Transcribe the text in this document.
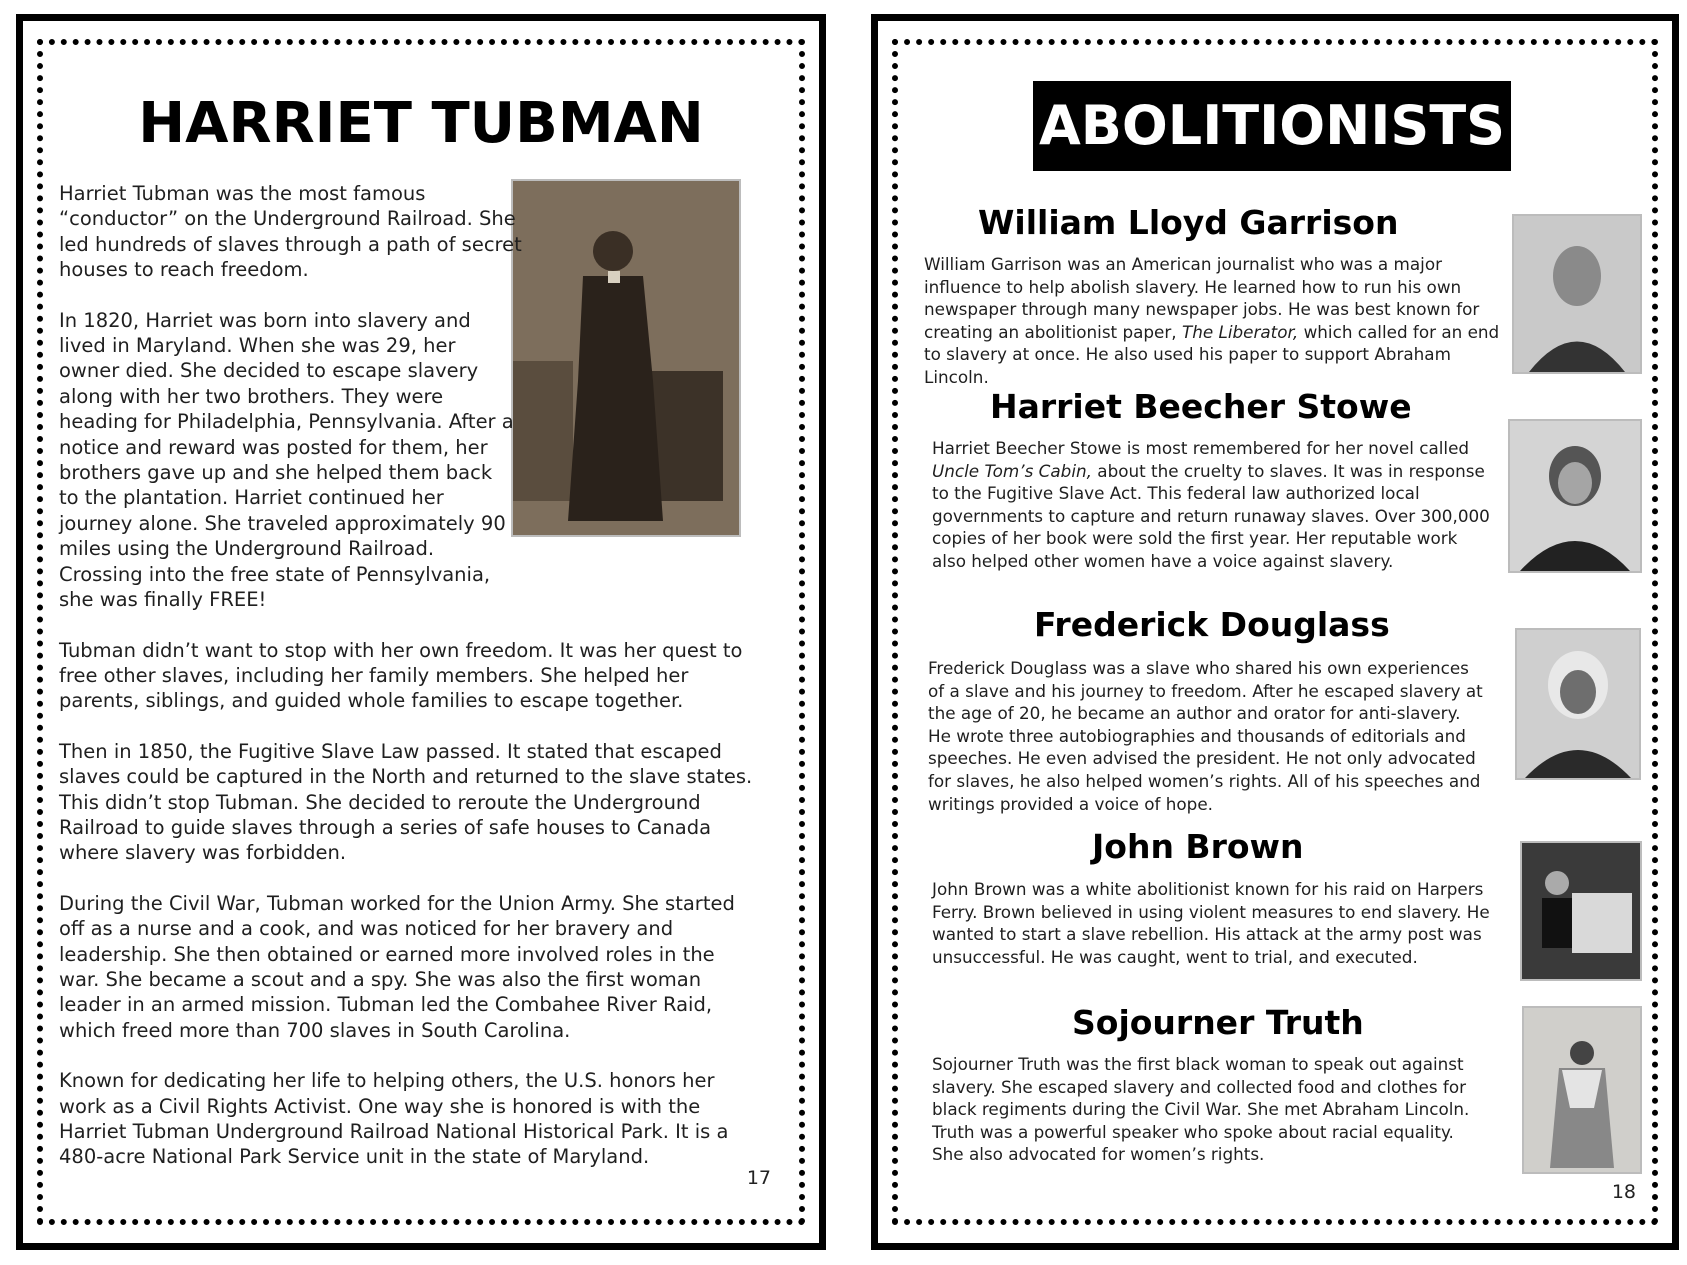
HARRIET TUBMAN

Harriet Tubman was the most famous “conductor” on the Underground Railroad. She led hundreds of slaves through a path of secret houses to reach freedom.

In 1820, Harriet was born into slavery and lived in Maryland. When she was 29, her owner died. She decided to escape slavery along with her two brothers. They were heading for Philadelphia, Pennsylvania. After a notice and reward was posted for them, her brothers gave up and she helped them back to the plantation. Harriet continued her journey alone. She traveled approximately 90 miles using the Underground Railroad. Crossing into the free state of Pennsylvania, she was finally FREE!

Tubman didn’t want to stop with her own freedom. It was her quest to free other slaves, including her family members. She helped her parents, siblings, and guided whole families to escape together.

Then in 1850, the Fugitive Slave Law passed. It stated that escaped slaves could be captured in the North and returned to the slave states. This didn’t stop Tubman. She decided to reroute the Underground Railroad to guide slaves through a series of safe houses to Canada where slavery was forbidden.

During the Civil War, Tubman worked for the Union Army. She started off as a nurse and a cook, and was noticed for her bravery and leadership. She then obtained or earned more involved roles in the war. She became a scout and a spy. She was also the first woman leader in an armed mission. Tubman led the Combahee River Raid, which freed more than 700 slaves in South Carolina.

Known for dedicating her life to helping others, the U.S. honors her work as a Civil Rights Activist. One way she is honored is with the Harriet Tubman Underground Railroad National Historical Park. It is a 480-acre National Park Service unit in the state of Maryland.

17
ABOLITIONISTS
William Lloyd Garrison
William Garrison was an American journalist who was a major influence to help abolish slavery. He learned how to run his own newspaper through many newspaper jobs. He was best known for creating an abolitionist paper, The Liberator, which called for an end to slavery at once. He also used his paper to support Abraham Lincoln.
Harriet Beecher Stowe
Harriet Beecher Stowe is most remembered for her novel called Uncle Tom’s Cabin, about the cruelty to slaves. It was in response to the Fugitive Slave Act. This federal law authorized local governments to capture and return runaway slaves. Over 300,000 copies of her book were sold the first year. Her reputable work also helped other women have a voice against slavery.
Frederick Douglass
Frederick Douglass was a slave who shared his own experiences of a slave and his journey to freedom. After he escaped slavery at the age of 20, he became an author and orator for anti-slavery. He wrote three autobiographies and thousands of editorials and speeches. He even advised the president. He not only advocated for slaves, he also helped women’s rights. All of his speeches and writings provided a voice of hope.
John Brown
John Brown was a white abolitionist known for his raid on Harpers Ferry. Brown believed in using violent measures to end slavery. He wanted to start a slave rebellion. His attack at the army post was unsuccessful. He was caught, went to trial, and executed.
Sojourner Truth
Sojourner Truth was the first black woman to speak out against slavery. She escaped slavery and collected food and clothes for black regiments during the Civil War. She met Abraham Lincoln. Truth was a powerful speaker who spoke about racial equality. She also advocated for women’s rights.
18
